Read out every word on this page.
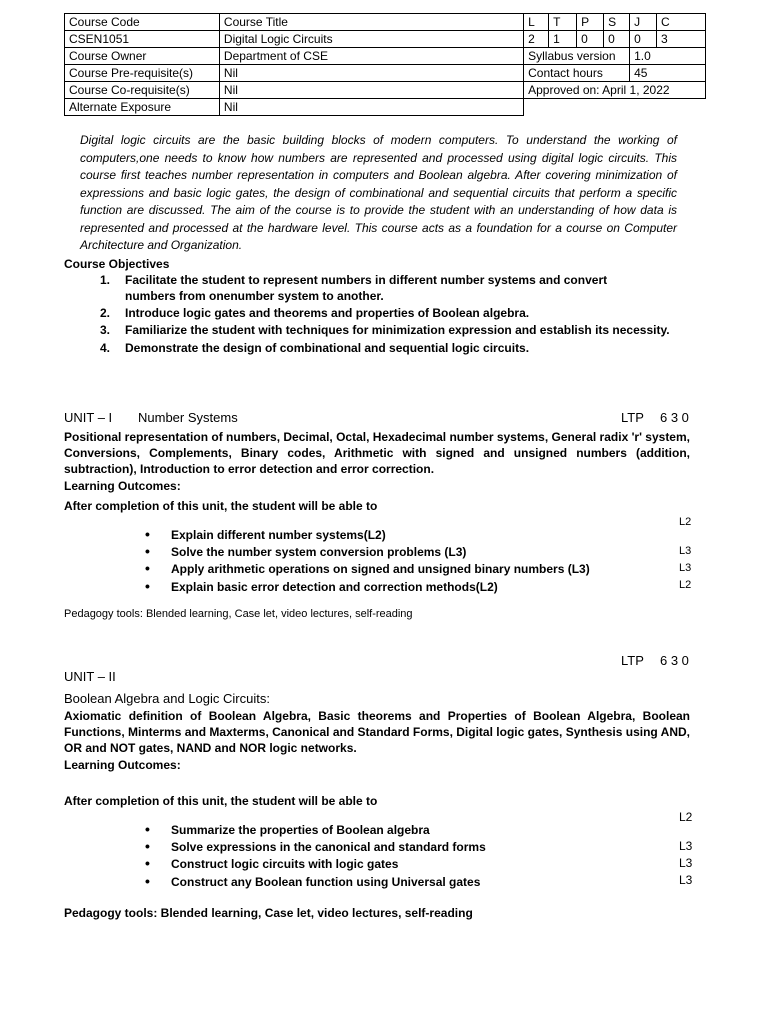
Course Code	Course Title	L	T	P	S	J	C
CSEN1051	Digital Logic Circuits	2	1	0	0	0	3
Course Owner	Department of CSE	Syllabus version				1.0	
Course Pre-requisite(s)	Nil	Contact hours				45	
Course Co-requisite(s)	Nil	Approved on: April 1, 2022					
Alternate Exposure	Nil						
Digital logic circuits are the basic building blocks of modern computers. To understand the working of computers,one needs to know how numbers are represented and processed using digital logic circuits. This course first teaches number representation in computers and Boolean algebra. After covering minimization of expressions and basic logic gates, the design of combinational and sequential circuits that perform a specific function are discussed. The aim of the course is to provide the student with an understanding of how data is represented and processed at the hardware level. This course acts as a foundation for a course on Computer Architecture and Organization.
Course Objectives
1. Facilitate the student to represent numbers in different number systems and convert
numbers from onenumber system to another.
2. Introduce logic gates and theorems and properties of Boolean algebra.
3. Familiarize the student with techniques for minimization expression and establish its necessity.
4. Demonstrate the design of combinational and sequential logic circuits.
UNIT – I Number Systems	LTP 6 3 0
Positional representation of numbers, Decimal, Octal, Hexadecimal number systems, General radix 'r' system, Conversions, Complements, Binary codes, Arithmetic with signed and unsigned numbers (addition, subtraction), Introduction to error detection and error correction.
Learning Outcomes:
After completion of this unit, the student will be able to
L2
• Explain different number systems(L2)
• Solve the number system conversion problems (L3)	L3
• Apply arithmetic operations on signed and unsigned binary numbers (L3)	L3
• Explain basic error detection and correction methods(L2)	L2
Pedagogy tools: Blended learning, Case let, video lectures, self-reading
LTP 6 3 0
UNIT – II
Boolean Algebra and Logic Circuits:
Axiomatic definition of Boolean Algebra, Basic theorems and Properties of Boolean Algebra, Boolean Functions, Minterms and Maxterms, Canonical and Standard Forms, Digital logic gates, Synthesis using AND, OR and NOT gates, NAND and NOR logic networks.
Learning Outcomes:
After completion of this unit, the student will be able to
L2
• Summarize the properties of Boolean algebra
• Solve expressions in the canonical and standard forms	L3
• Construct logic circuits with logic gates	L3
• Construct any Boolean function using Universal gates	L3
Pedagogy tools: Blended learning, Case let, video lectures, self-reading
